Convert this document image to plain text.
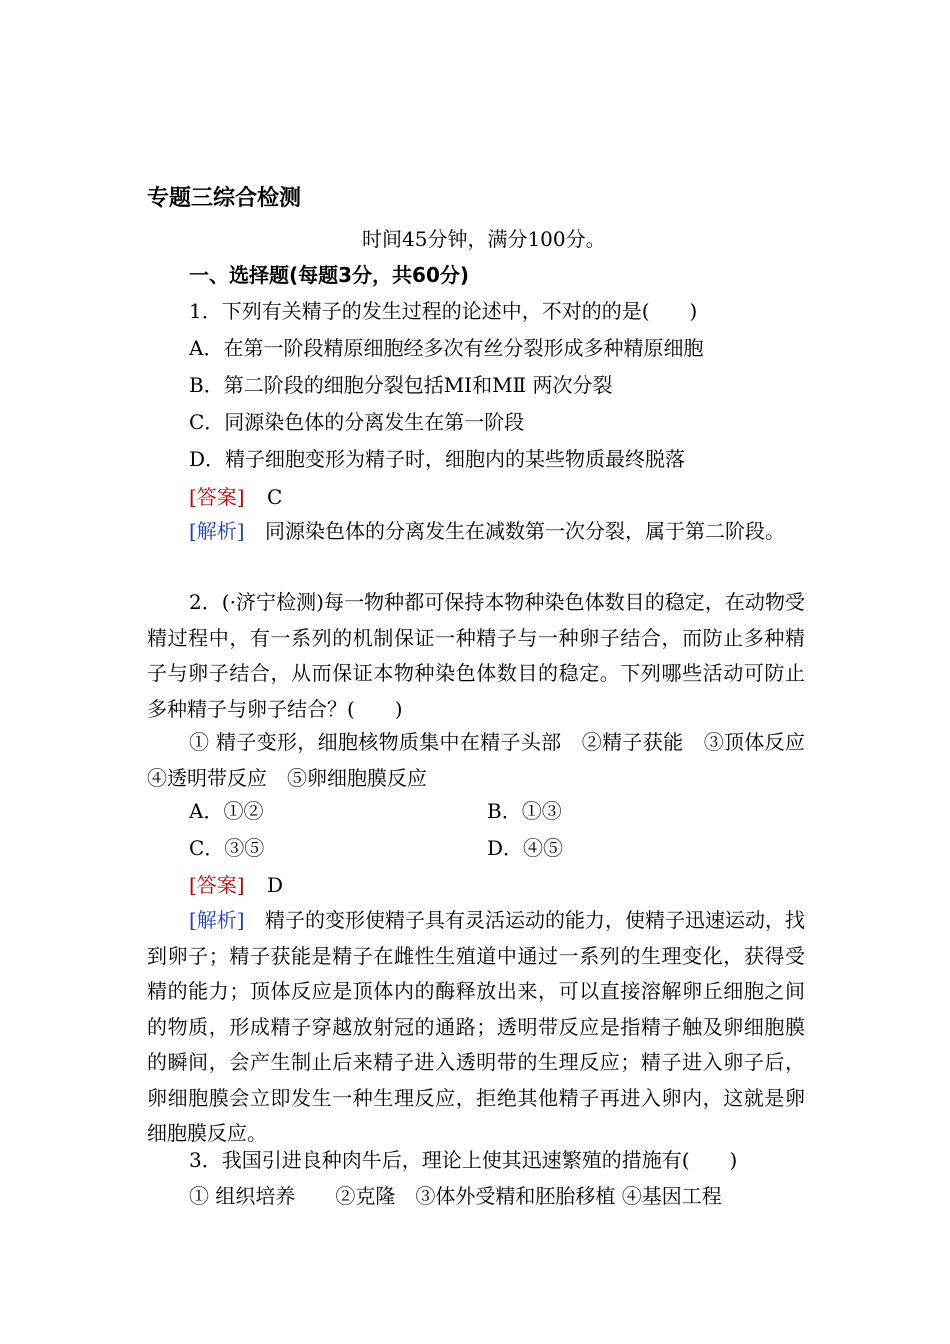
专题三综合检测
时间45分钟，满分100分。
一、选择题(每题3分，共60分)
1．下列有关精子的发生过程的论述中，不对的的是(　　)
A．在第一阶段精原细胞经多次有丝分裂形成多种精原细胞
B．第二阶段的细胞分裂包括MⅠ和MⅡ 两次分裂
C．同源染色体的分离发生在第一阶段
D．精子细胞变形为精子时，细胞内的某些物质最终脱落
[答案] C
[解析] 同源染色体的分离发生在减数第一次分裂，属于第二阶段。
2．(·济宁检测)每一物种都可保持本物种染色体数目的稳定，在动物受精过程中，有一系列的机制保证一种精子与一种卵子结合，而防止多种精子与卵子结合，从而保证本物种染色体数目的稳定。下列哪些活动可防止多种精子与卵子结合？(　　)
① 精子变形，细胞核物质集中在精子头部　②精子获能　③顶体反应　④透明带反应　⑤卵细胞膜反应
A．①②	B．①③
C．③⑤	D．④⑤
[答案] D
[解析] 精子的变形使精子具有灵活运动的能力，使精子迅速运动，找到卵子；精子获能是精子在雌性生殖道中通过一系列的生理变化，获得受精的能力；顶体反应是顶体内的酶释放出来，可以直接溶解卵丘细胞之间的物质，形成精子穿越放射冠的通路；透明带反应是指精子触及卵细胞膜的瞬间，会产生制止后来精子进入透明带的生理反应；精子进入卵子后，卵细胞膜会立即发生一种生理反应，拒绝其他精子再进入卵内，这就是卵细胞膜反应。
3．我国引进良种肉牛后，理论上使其迅速繁殖的措施有(　　)
① 组织培养　　②克隆　③体外受精和胚胎移植 ④基因工程
